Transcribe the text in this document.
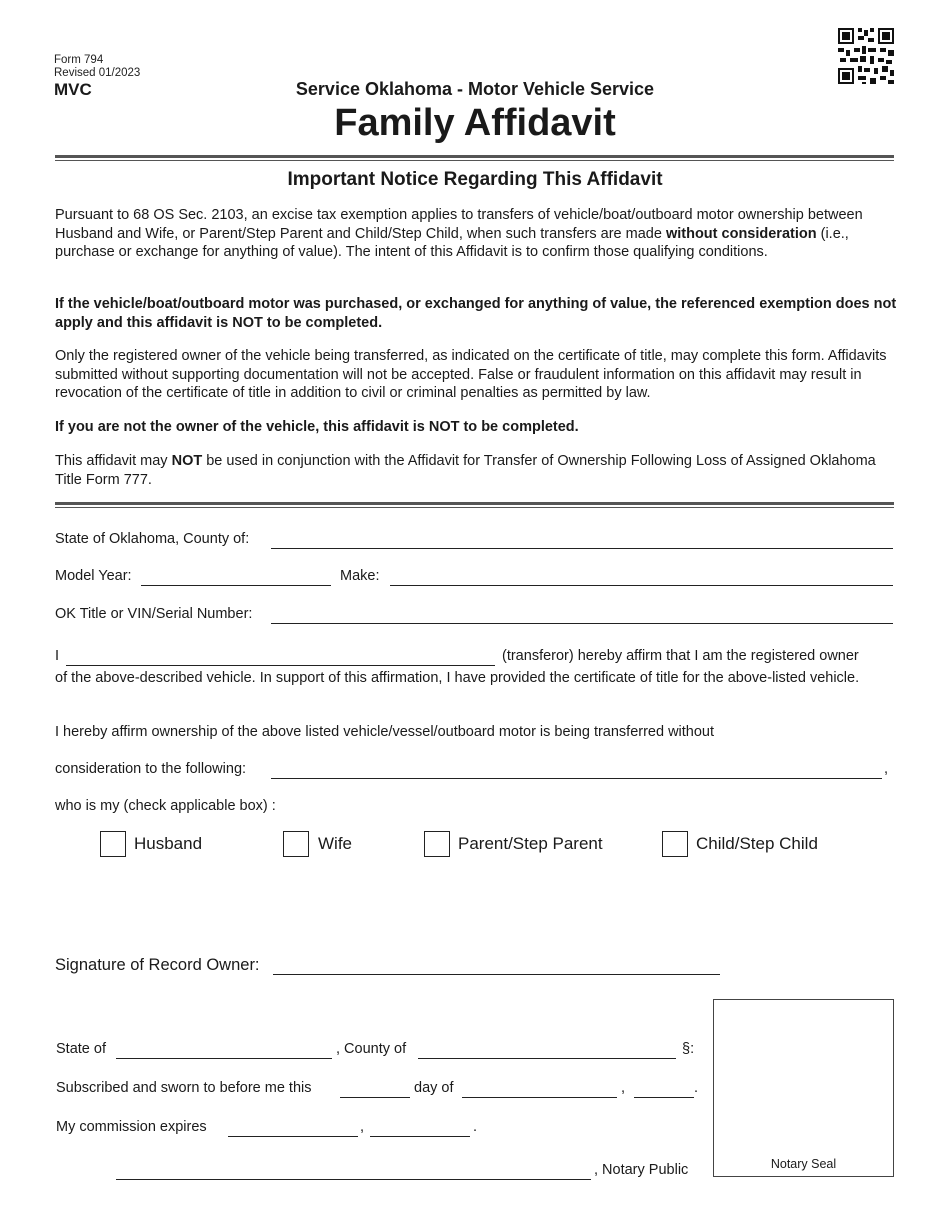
Form 794
Revised 01/2023
MVC	Service Oklahoma - Motor Vehicle Service
Family Affidavit
Important Notice Regarding This Affidavit
Pursuant to 68 OS Sec. 2103, an excise tax exemption applies to transfers of vehicle/boat/outboard motor ownership between Husband and Wife, or Parent/Step Parent and Child/Step Child, when such transfers are made without consideration (i.e., purchase or exchange for anything of value). The intent of this Affidavit is to confirm those qualifying conditions.
If the vehicle/boat/outboard motor was purchased, or exchanged for anything of value, the referenced exemption does not apply and this affidavit is NOT to be completed.
Only the registered owner of the vehicle being transferred, as indicated on the certificate of title, may complete this form. Affidavits submitted without supporting documentation will not be accepted. False or fraudulent information on this affidavit may result in revocation of the certificate of title in addition to civil or criminal penalties as permitted by law.
If you are not the owner of the vehicle, this affidavit is NOT to be completed.
This affidavit may NOT be used in conjunction with the Affidavit for Transfer of Ownership Following Loss of Assigned Oklahoma Title Form 777.
State of Oklahoma, County of:
Model Year:	Make:
OK Title or VIN/Serial Number:
I	(transferor) hereby affirm that I am the registered owner
of the above-described vehicle. In support of this affirmation, I have provided the certificate of title for the above-listed vehicle.
I hereby affirm ownership of the above listed vehicle/vessel/outboard motor is being transferred without
consideration to the following:	,
who is my (check applicable box) :
Husband	Wife	Parent/Step Parent	Child/Step Child
Signature of Record Owner:
Notary Seal
State of	, County of	§:
Subscribed and sworn to before me this	day of	,	.
My commission expires	,	.
, Notary Public
